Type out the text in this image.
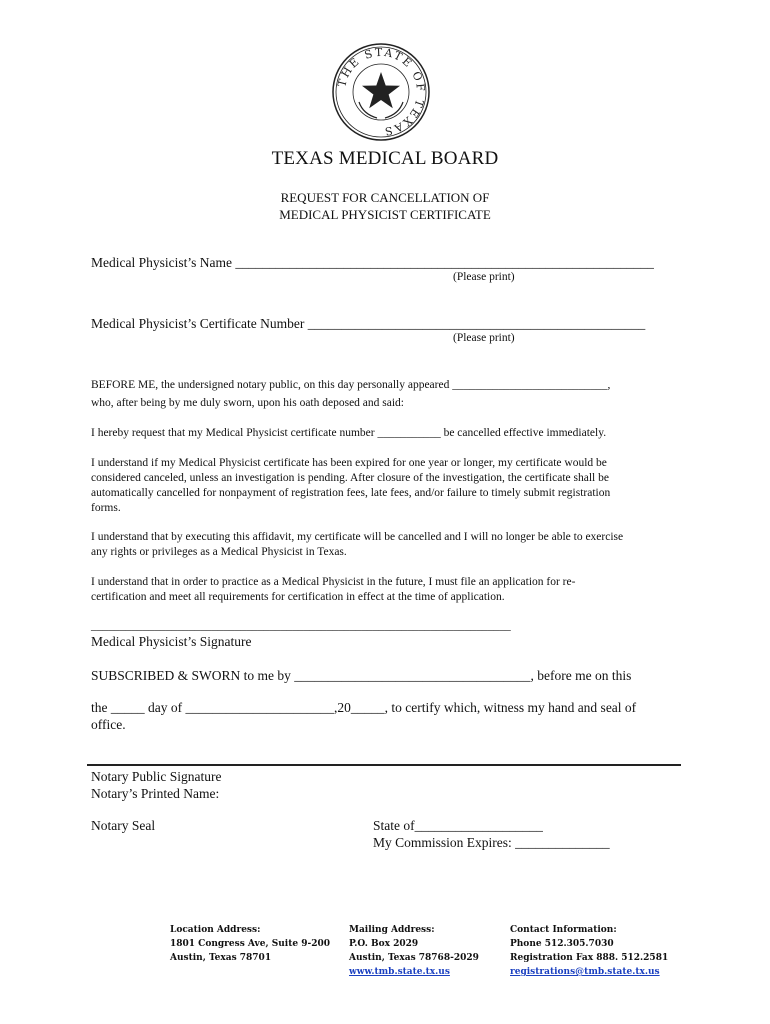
THE STATE OF TEXAS
TEXAS MEDICAL BOARD
REQUEST FOR CANCELLATION OF
MEDICAL PHYSICIST CERTIFICATE
Medical Physicist’s Name ______________________________________________________________
(Please print)
Medical Physicist’s Certificate Number __________________________________________________
(Please print)
BEFORE ME, the undersigned notary public, on this day personally appeared ___________________________,
who, after being by me duly sworn, upon his oath deposed and said:
I hereby request that my Medical Physicist certificate number ___________ be cancelled effective immediately.
I understand if my Medical Physicist certificate has been expired for one year or longer, my certificate would be
considered canceled, unless an investigation is pending. After closure of the investigation, the certificate shall be
automatically cancelled for nonpayment of registration fees, late fees, and/or failure to timely submit registration
forms.
I understand that by executing this affidavit, my certificate will be cancelled and I will no longer be able to exercise
any rights or privileges as a Medical Physicist in Texas.
I understand that in order to practice as a Medical Physicist in the future, I must file an application for re-
certification and meet all requirements for certification in effect at the time of application.
_________________________________________________________________________
Medical Physicist’s Signature
SUBSCRIBED & SWORN to me by ___________________________________, before me on this
the _____ day of ______________________,20_____, to certify which, witness my hand and seal of
office.
Notary Public Signature
Notary’s Printed Name:
Notary Seal	State of___________________
My Commission Expires: ______________
Location Address:
1801 Congress Ave, Suite 9-200
Austin, Texas 78701
Mailing Address:
P.O. Box 2029
Austin, Texas 78768-2029
www.tmb.state.tx.us
Contact Information:
Phone 512.305.7030
Registration Fax 888. 512.2581
registrations@tmb.state.tx.us
